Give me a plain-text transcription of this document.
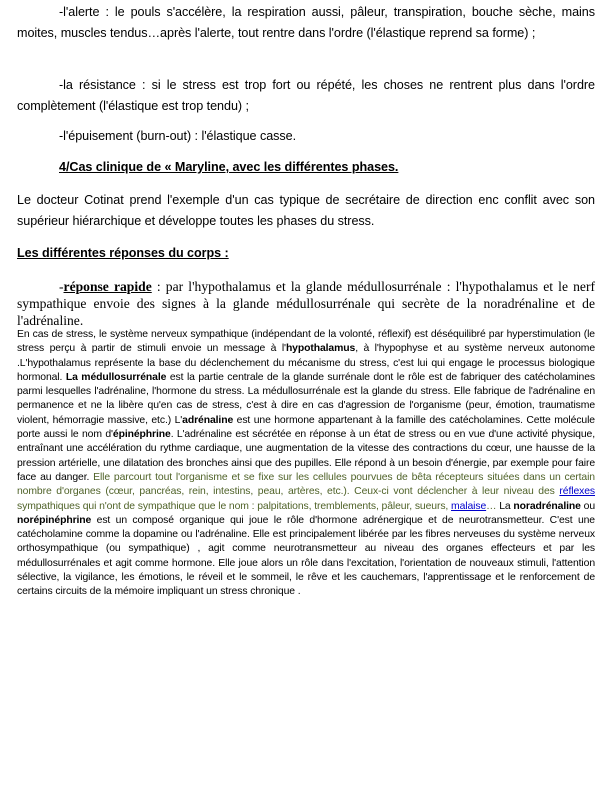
-l'alerte : le pouls s'accélère, la respiration aussi, pâleur, transpiration, bouche sèche, mains moites, muscles tendus…après l'alerte, tout rentre dans l'ordre (l'élastique reprend sa forme) ;

-la résistance : si le stress est trop fort ou répété, les choses ne rentrent plus dans l'ordre complètement (l'élastique est trop tendu) ;

-l'épuisement (burn-out) : l'élastique casse.

4/Cas clinique de « Maryline, avec les différentes phases.

Le docteur Cotinat prend l'exemple d'un cas typique de secrétaire de direction enc conflit avec son supérieur hiérarchique et développe toutes les phases du stress.

Les différentes réponses du corps :

-réponse rapide : par l'hypothalamus et la glande médullosurrénale : l'hypothalamus et le nerf sympathique envoie des signes à la glande médullosurrénale qui secrète de la noradrénaline et de l'adrénaline.

En cas de stress, le système nerveux sympathique (indépendant de la volonté, réflexif) est déséquilibré par hyperstimulation (le stress perçu à partir de stimuli envoie un message à l'hypothalamus, à l'hypophyse et au système nerveux autonome .L'hypothalamus représente la base du déclenchement du mécanisme du stress, c'est lui qui engage le processus biologique hormonal. La médullosurrénale est la partie centrale de la glande surrénale dont le rôle est de fabriquer des catécholamines parmi lesquelles l'adrénaline, l'hormone du stress. La médullosurrénale est la glande du stress. Elle fabrique de l'adrénaline en permanence et ne la libère qu'en cas de stress, c'est à dire en cas d'agression de l'organisme (peur, émotion, traumatisme violent, hémorragie massive, etc.) L'adrénaline est une hormone appartenant à la famille des catécholamines. Cette molécule porte aussi le nom d'épinéphrine. L'adrénaline est sécrétée en réponse à un état de stress ou en vue d'une activité physique, entraînant une accélération du rythme cardiaque, une augmentation de la vitesse des contractions du cœur, une hausse de la pression artérielle, une dilatation des bronches ainsi que des pupilles. Elle répond à un besoin d'énergie, par exemple pour faire face au danger. Elle parcourt tout l'organisme et se fixe sur les cellules pourvues de bêta récepteurs situées dans un certain nombre d'organes (cœur, pancréas, rein, intestins, peau, artères, etc.). Ceux-ci vont déclencher à leur niveau des réflexes sympathiques qui n'ont de sympathique que le nom : palpitations, tremblements, pâleur, sueurs, malaise… La noradrénaline ou norépinéphrine est un composé organique qui joue le rôle d'hormone adrénergique et de neurotransmetteur. C'est une catécholamine comme la dopamine ou l'adrénaline. Elle est principalement libérée par les fibres nerveuses du système nerveux orthosympathique (ou sympathique) , agit comme neurotransmetteur au niveau des organes effecteurs et par les médullosurrénales et agit comme hormone. Elle joue alors un rôle dans l'excitation, l'orientation de nouveaux stimuli, l'attention sélective, la vigilance, les émotions, le réveil et le sommeil, le rêve et les cauchemars, l'apprentissage et le renforcement de certains circuits de la mémoire impliquant un stress chronique .
